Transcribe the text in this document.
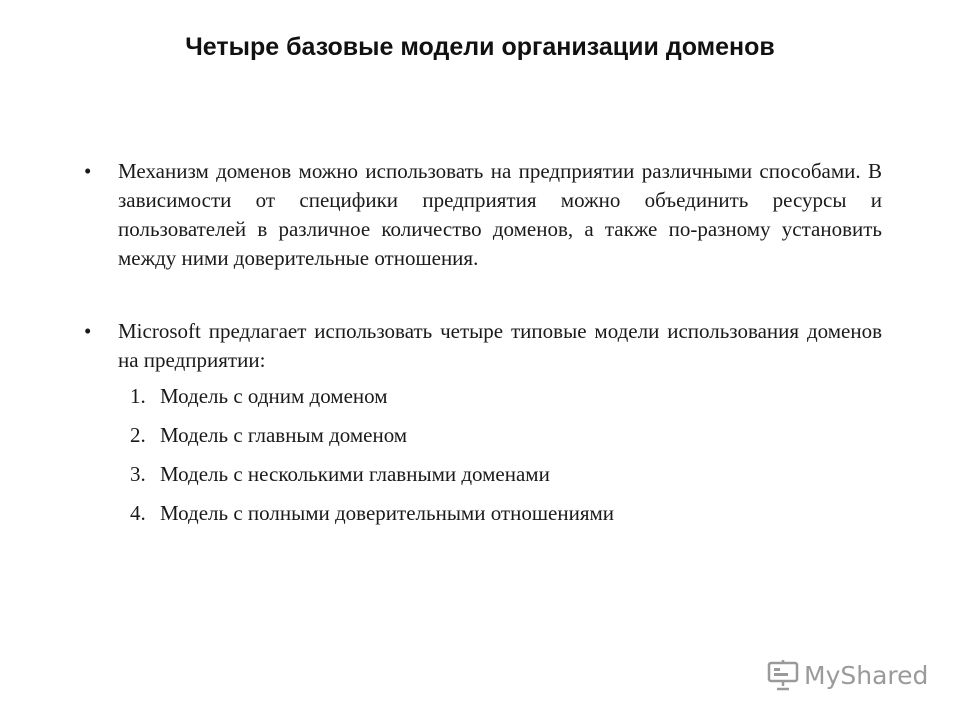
Четыре базовые модели организации доменов
• Механизм доменов можно использовать на предприятии различными способами. В зависимости от специфики предприятия можно объединить ресурсы и пользователей в различное количество доменов, а также по-разному установить между ними доверительные отношения.
• Microsoft предлагает использовать четыре типовые модели использования доменов на предприятии:
1. Модель с одним доменом
2. Модель с главным доменом
3. Модель с несколькими главными доменами
4. Модель с полными доверительными отношениями
MyShared
